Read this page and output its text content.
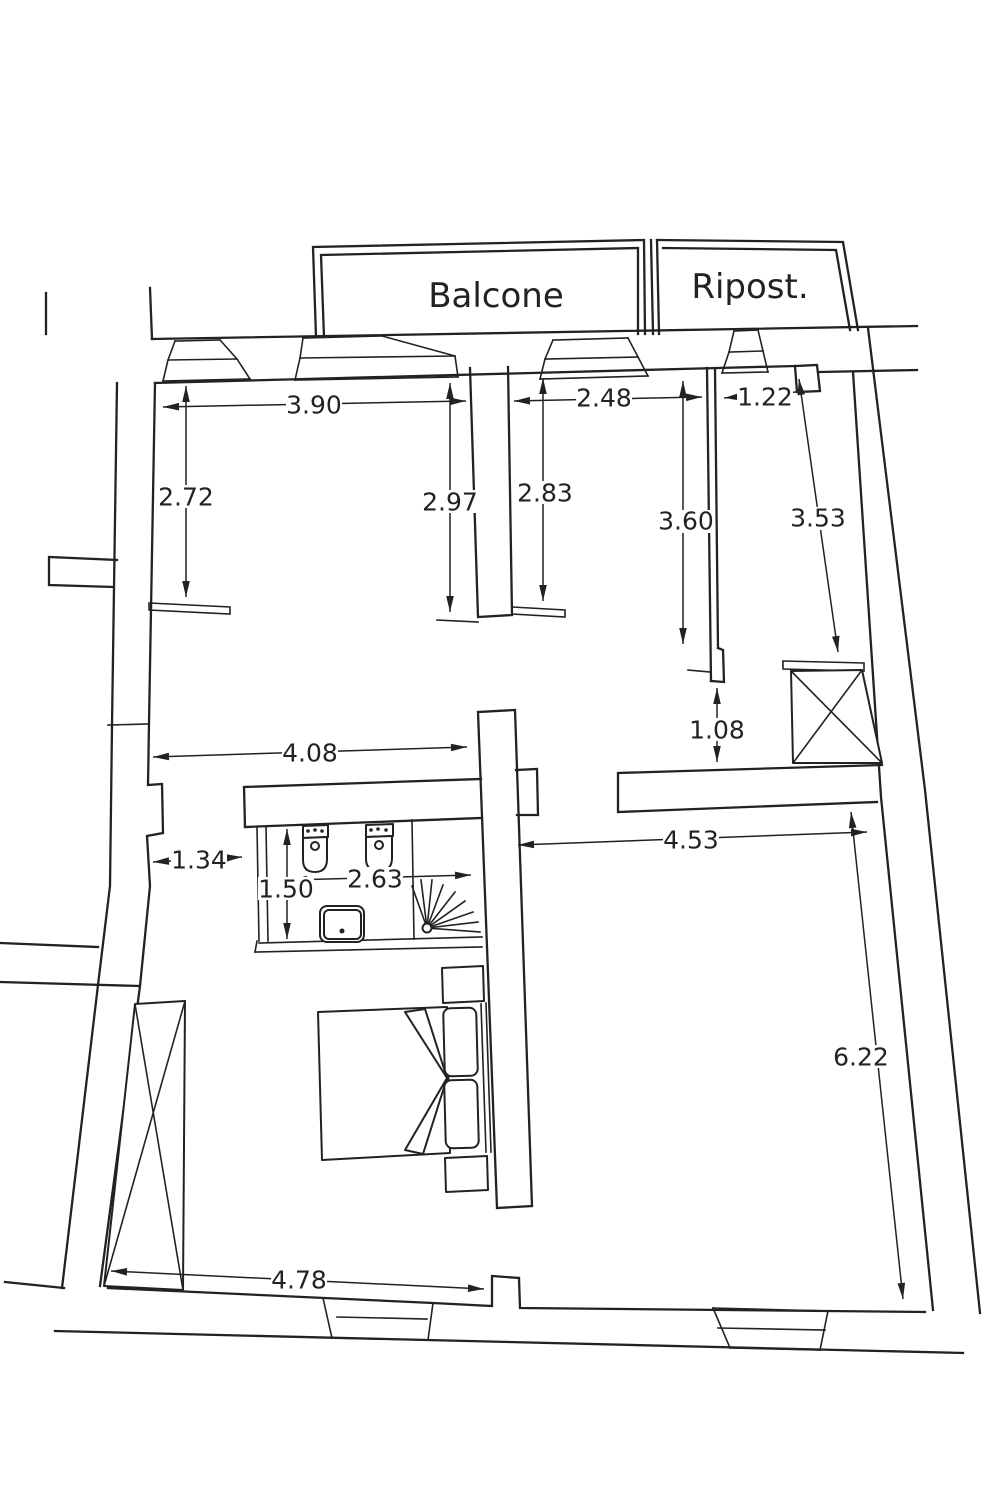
3.90
2.72	2.97 2.83
2.48	1.22
3.60	3.53
1.08
4.08
1.34
1.50 2.63
4.53
6.22
4.78
Balcone	Ripost.
